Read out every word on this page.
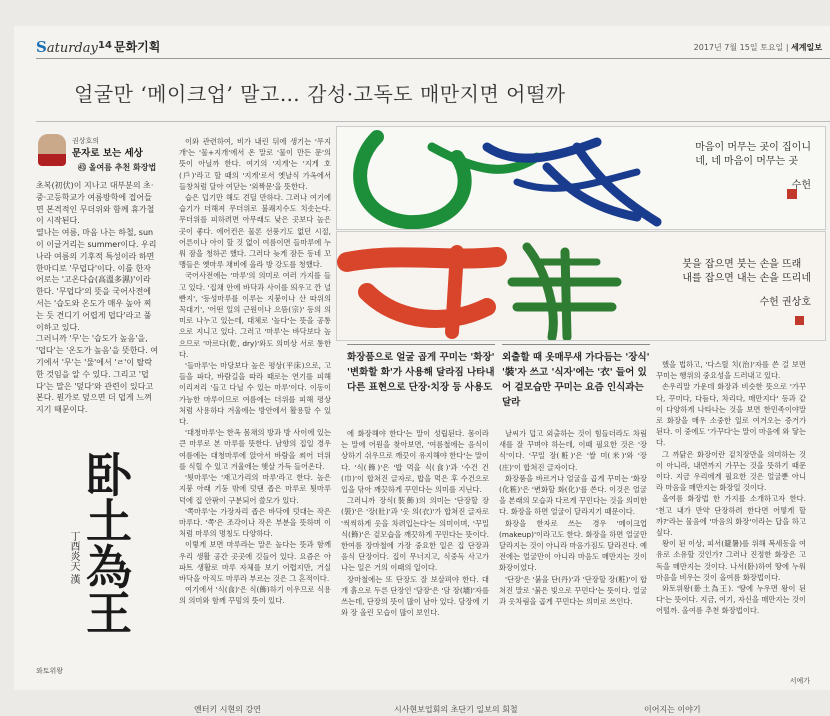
Saturday 14 문화기획	2017년 7월 15일 토요일 | 세계일보
얼굴만 ‘메이크업’ 말고… 감성·고독도 매만지면 어떨까
권상호의
문자로 보는 세상
㊸ 올여름 추천 화장법

초복(初伏)이 지나고 대부분의 초·중·고등학교가 여름방학에 접어들면 본격적인 무더위와 함께 휴가철이 시작된다.

열나는 여름, 마음 나는 하철, sun이 이글거리는 summer이다. 우리나라 여름의 기후적 특성이라 하면 한마디로 '무덥다'이다. 이를 한자어로는 '고온다습(高溫多濕)'이라 한다. '무덥다'의 뜻을 국어사전에서는 '습도와 온도가 매우 높아 찌는 듯 견디기 어렵게 덥다'라고 풀이하고 있다.

그러니까 '무'는 '습도가 높음'을, '덥다'는 '온도가 높음'을 뜻한다. 여기에서 '무'는 '물'에서 'ㄹ'이 탈락한 것임을 알 수 있다. 그리고 '덥다'는 말은 '덮다'와 관련이 있다고 본다. 뭔가로 덮으면 더 덥게 느껴지기 때문이다.

丁酉炎天 漢 卧土為王
와토위왕

이와 관련하여, 비가 내린 뒤에 생기는 '무지개'는 '물+지개'에서 온 말로 '물이 만든 문'의 뜻이 아닐까 한다. 여기의 '지게'는 '지게 호(戶)'라고 할 때의 '지게'로서 옛날식 가옥에서 들창처럼 달아 여닫는 '외짝문'을 뜻한다.

습은 덥기만 해도 견딜 만하다. 그러나 여기에 습기가 더해져 무더위로 불쾌지수도 치솟는다. 무더위를 피하려면 아무래도 낮은 곳보다 높은 곳이 좋다. 에어컨은 물론 선풍기도 없던 시절, 어른이나 아이 할 것 없이 여름이면 들마루에 누워 잠을 청하곤 했다. 그러다 늦게 잠든 동네 꼬맹들은 옛마루 채비에 올라 방 강도를 청했다.

국어사전에는 '마루'의 의미로 여러 가지를 들고 있다. '집채 안에 바닥과 사이를 띄우고 깐 널빤지', '등성마루를 이루는 지붕이나 산 따위의 꼭대기', '어떤 일의 근원이나 으뜸(宗)' 등의 의미로 나누고 있는데, 대체로 '높다'는 뜻을 공통으로 지니고 있다. 그러고 '마루'는 바닥보다 높으므로 '마르다(乾, dry)'와도 의미상 서로 통한다.

'들마루'는 마당보다 높은 평상(平床)으로, 고들을 파다, 바람길을 따라 때로는 연기를 피해 이리저리 '들고 다닐 수 있는 마루'이다. 이동이 가능한 마루이므로 여름에는 더위를 피해 평상처럼 사용하다 겨울에는 방안에서 활용할 수 있다.

'대청마루'는 한옥 몸채의 방과 방 사이에 있는 큰 마루로 본 마루를 뜻한다. 남향의 집일 경우 여름에는 대청마루에 앉아서 바람을 쐬어 더위를 식힐 수 있고 겨울에는 햇살 가득 들어온다.

'툇마루'는 '재고가리의 마루'라고 한다. 높은 지붕 아래 기둥 밖에 덧댄 좁은 마루로 툇마루 덕에 집 안팎이 구분되어 쓸모가 있다.

'쪽마루'는 가장자리 좁은 바닥에 덧대는 작은 마루다. '쪽'은 조각이나 작은 부분을 뜻하며 이처럼 마루의 명칭도 다양하다.

이렇게 보면 마루라는 말은 높다는 뜻과 함께 우리 생활 공간 곳곳에 깃들어 있다. 요즘은 아파트 생활로 마루 자체를 보기 어렵지만, 거실 바닥을 아직도 마루라 부르는 것은 그 흔적이다.

여기에서 '식(食)'은 식(飾)하기 이우므로 식용의 의미와 함께 꾸밈의 뜻이 있다.

마음이 머무는 곳이 집이니
네, 네 마음이 머무는 곳
수헌
붓을 잡으면 붓는 손을 뜨래
내를 잡으면 내는 손을 뜨리네
수헌 권상호
화장품으로 얼굴 곱게 꾸미는 '화장' '변화할 화'가 사용해 달라짐 나타내 다른 표현으로 단장·치장 등 사용도
외출할 때 옷매무새 가다듬는 '장식' '裝'자 쓰고 '식자'에는 '衣' 들어 있어 겉모습만 꾸미는 요즘 인식과는 달라

에 화장해야 한다'는 말이 성립된다. 몸이라는 말에 어원을 찾아보면, '여름철에는 음식이 상하기 쉬우므로 깨끗이 유지해야 한다'는 말이다. '식(飾)'은 '밥 먹을 식(食)'과 '수건 건(巾)'이 합쳐진 글자로, 밥을 먹은 후 수건으로 입을 닦아 깨끗하게 꾸민다는 의미를 지닌다.

그러니까 장식(裝飾)의 의미는 '단장할 장(裝)'은 '장(壯)'과 '옷 의(衣)'가 합쳐진 글자로 '씩씩하게 옷을 차려입는다'는 의미이며, '꾸밀 식(飾)'은 겉모습을 깨끗하게 꾸민다는 뜻이다. 한여름 장마철에 가장 중요한 일은 집 단장과 음식 단장이다. 집이 무너지고, 식중독 사고가 나는 일은 거의 이때의 일이다.

장마철에는 또 단장도 잘 보살펴야 한다. 대개 흙으로 두른 단장인 '담장'은 '담 장(墻)'자를 쓰는데, 단장의 뜻이 많이 남아 있다. 담장에 기와 장 올린 모습이 많이 보인다.

날씨가 덥고 외출하는 것이 힘들더라도 차림새를 잘 꾸며야 하는데, 이때 필요한 것은 '장식'이다. '꾸밀 장(粧)'은 '쌀 미(米)'와 '장(庄)'이 합쳐진 글자이다.

화장품을 바르거나 얼굴을 곱게 꾸미는 '화장(化粧)'은 '변화할 화(化)'를 쓴다. 이것은 얼굴을 본래의 모습과 다르게 꾸민다는 것을 의미한다. 화장을 하면 얼굴이 달라지기 때문이다.

화장을 한자로 쓰는 경우 '메이크업(makeup)'이라고도 한다. 화장을 하면 얼굴만 달라지는 것이 아니라 마음가짐도 달라진다. 예전에는 얼굴만이 아니라 마음도 매만지는 것이 화장이었다.

'단장'은 '붉을 단(丹)'과 '단장할 장(粧)'이 합쳐진 말로 '붉은 빛으로 꾸민다'는 뜻이다. 얼굴과 옷차림을 곱게 꾸민다는 의미로 쓰인다.

했을 법하고, '다스릴 치(治)'자를 쓴 걸 보면 꾸미는 행위의 중요성을 드러내고 있다.

손우리말 가운데 화장과 비슷한 뜻으로 '가꾸다, 꾸미다, 다듬다, 차리다, 매만지다' 등과 같이 다양하게 나타나는 것을 보면 한민족이야말로 화장을 매우 소중한 일로 여겨오는 증거가 된다. 이 중에도 '가꾸다'는 말이 마음에 와 닿는다.

그 까닭은 화장이란 겉치장만을 의미하는 것이 아니라, 내면까지 가꾸는 것을 뜻하기 때문이다. 지금 우리에게 필요한 것은 얼굴뿐 아니라 마음을 매만지는 화장일 것이다.

올여름 화장법 한 가지를 소개하고자 한다. '천고 내가 만약 단장하려 한다면 어떻게 할까?'라는 물음에 '마음의 화장'이라는 답을 하고 싶다.

왕이 된 이상, 피서(避暑)를 위해 복세동을 여유로 소유할 것인가? 그러나 진정한 화장은 고독을 매만지는 것이다. 나서(卧)하여 땅에 누워 마음을 비우는 것이 올여름 화장법이다.

와토위왕(卧土為王). '땅에 누우면 왕이 된다'는 뜻이다. 지금, 여기, 자신을 매만지는 것이 어떨까. 올여름 추천 화장법이다.

서예가
엔터키 시현의 강연	시사현보업회의 초단기 일보의 회철	이어지는 이야기
